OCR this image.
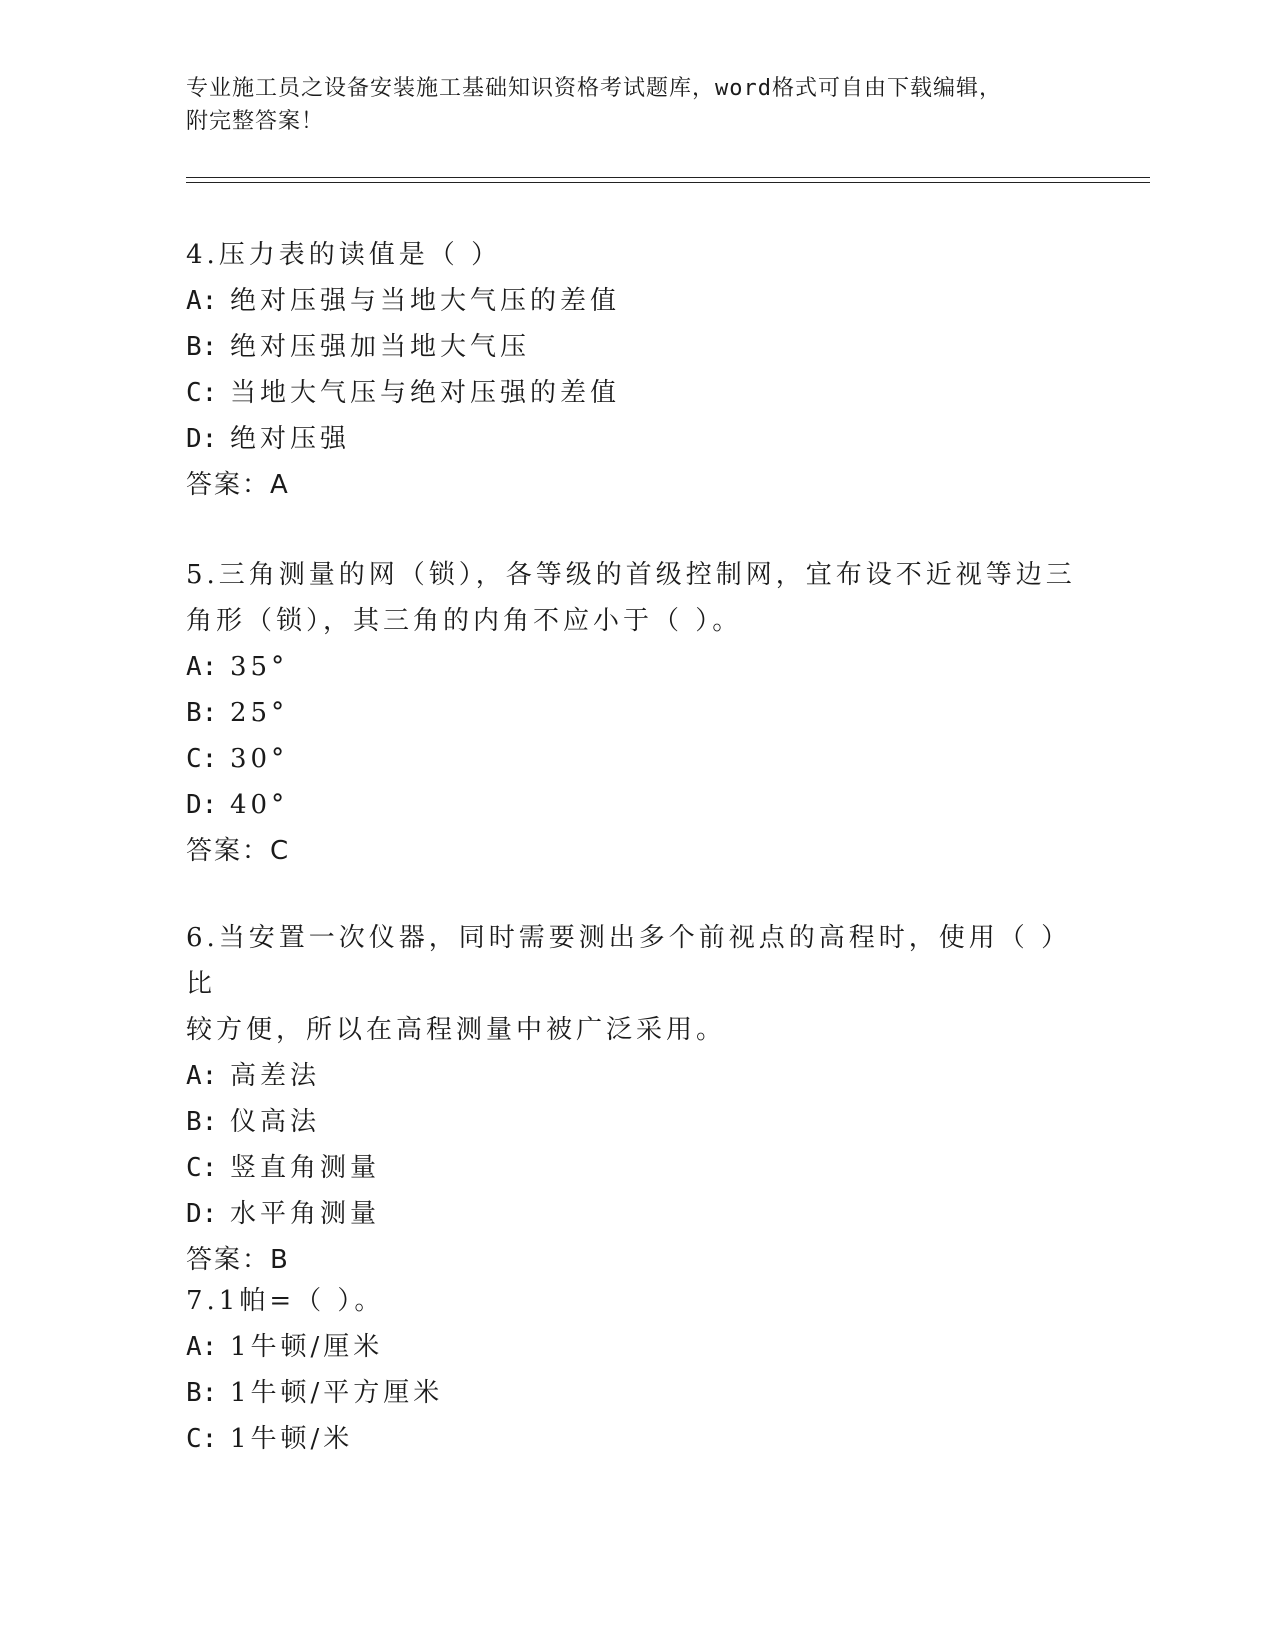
专业施工员之设备安装施工基础知识资格考试题库，word格式可自由下载编辑，
附完整答案！

4.压力表的读值是（ ）

A: 绝对压强与当地大气压的差值

B: 绝对压强加当地大气压

C: 当地大气压与绝对压强的差值

D: 绝对压强

答案：A

5.三角测量的网（锁），各等级的首级控制网，宜布设不近视等边三

角形（锁），其三角的内角不应小于（ ）。

A: 35°

B: 25°

C: 30°

D: 40°

答案：C

6.当安置一次仪器，同时需要测出多个前视点的高程时，使用（ ）比

较方便，所以在高程测量中被广泛采用。

A: 高差法

B: 仪高法

C: 竖直角测量

D: 水平角测量

答案：B

7.1帕=（ ）。

A: 1牛顿/厘米

B: 1牛顿/平方厘米

C: 1牛顿/米
